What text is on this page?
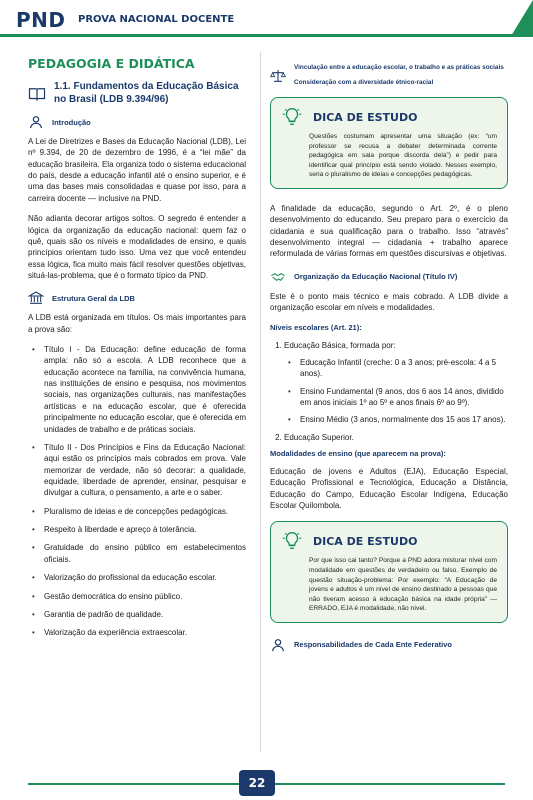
PND PROVA NACIONAL DOCENTE
PEDAGOGIA E DIDÁTICA
1.1. Fundamentos da Educação Básica no Brasil (LDB 9.394/96)
Introdução

A Lei de Diretrizes e Bases da Educação Nacional (LDB), Lei nº 9.394, de 20 de dezembro de 1996, é a “lei mãe” da educação brasileira. Ela organiza todo o sistema educacional do país, desde a educação infantil até o ensino superior, e é uma das bases mais consolidadas e quase por isso, para a carreira docente — inclusive na PND.

Não adianta decorar artigos soltos. O segredo é entender a lógica da organização da educação nacional: quem faz o quê, quais são os níveis e modalidades de ensino, e quais princípios orientam tudo isso. Uma vez que você entendeu essa lógica, fica muito mais fácil resolver questões objetivas, situá-las-problema, que é o formato típico da PND.

Estrutura Geral da LDB

A LDB está organizada em títulos. Os mais importantes para a prova são:

• Título I - Da Educação: define educação de forma ampla: não só a escola. A LDB reconhece que a educação acontece na família, na convivência humana, nas instituições de ensino e pesquisa, nos movimentos sociais, nas organizações culturais, nas manifestações artísticas e na educação escolar, que é oferecida principalmente no educação escolar, que é oferecida em unidades de trabalho e de práticas sociais.
• Título II - Dos Princípios e Fins da Educação Nacional: aqui estão os princípios mais cobrados em prova. Vale memorizar de verdade, não só decorar: a qualidade, equidade, liberdade de aprender, ensinar, pesquisar e divulgar a cultura, o pensamento, a arte e o saber.
• Pluralismo de ideias e de concepções pedagógicas.
• Respeito à liberdade e apreço à tolerância.
• Gratuidade do ensino público em estabelecimentos oficiais.
• Valorização do profissional da educação escolar.
• Gestão democrática do ensino público.
• Garantia de padrão de qualidade.
• Valorização da experiência extraescolar.
Vinculação entre a educação escolar, o trabalho e as práticas sociais
Consideração com a diversidade étnico-racial
DICA DE ESTUDO
Questões costumam apresentar uma situação (ex: “um professor se recusa a debater determinada corrente pedagógica em sala porque discorda dela”) e pedir para identificar qual princípio está sendo violado. Nesses exemplo, seria o pluralismo de ideias e concepções pedagógicas.

A finalidade da educação, segundo o Art. 2º, é o pleno desenvolvimento do educando. Seu preparo para o exercício da cidadania e sua qualificação para o trabalho. Isso “através” desenvolvimento integral — cidadania + trabalho aparece reformulada de várias formas em questões discursivas e objetivas.

Organização da Educação Nacional (Título IV)

Este é o ponto mais técnico e mais cobrado. A LDB divide a organização escolar em níveis e modalidades.

Níveis escolares (Art. 21):
1. Educação Básica, formada por:
• Educação Infantil (creche: 0 a 3 anos; pré-escola: 4 a 5 anos).
• Ensino Fundamental (9 anos, dos 6 aos 14 anos, dividido em anos iniciais 1º ao 5º e anos finais 6º ao 9º).
• Ensino Médio (3 anos, normalmente dos 15 aos 17 anos).
2. Educação Superior.
Modalidades de ensino (que aparecem na prova):

Educação de jovens e Adultos (EJA), Educação Especial, Educação Profissional e Tecnológica, Educação a Distância, Educação do Campo, Educação Escolar Indígena, Educação Escolar Quilombola.

DICA DE ESTUDO
Por que isso cai tanto? Porque a PND adora misturar nível com modalidade em questões de verdadeiro ou falso. Exemplo de questão situação-problema: Por exemplo: “A Educação de jovens e adultos é um nível de ensino destinado a pessoas que não tiveram acesso à educação básica na idade própria” — ERRADO, EJA é modalidade, não nível.
Responsabilidades de Cada Ente Federativo
22
